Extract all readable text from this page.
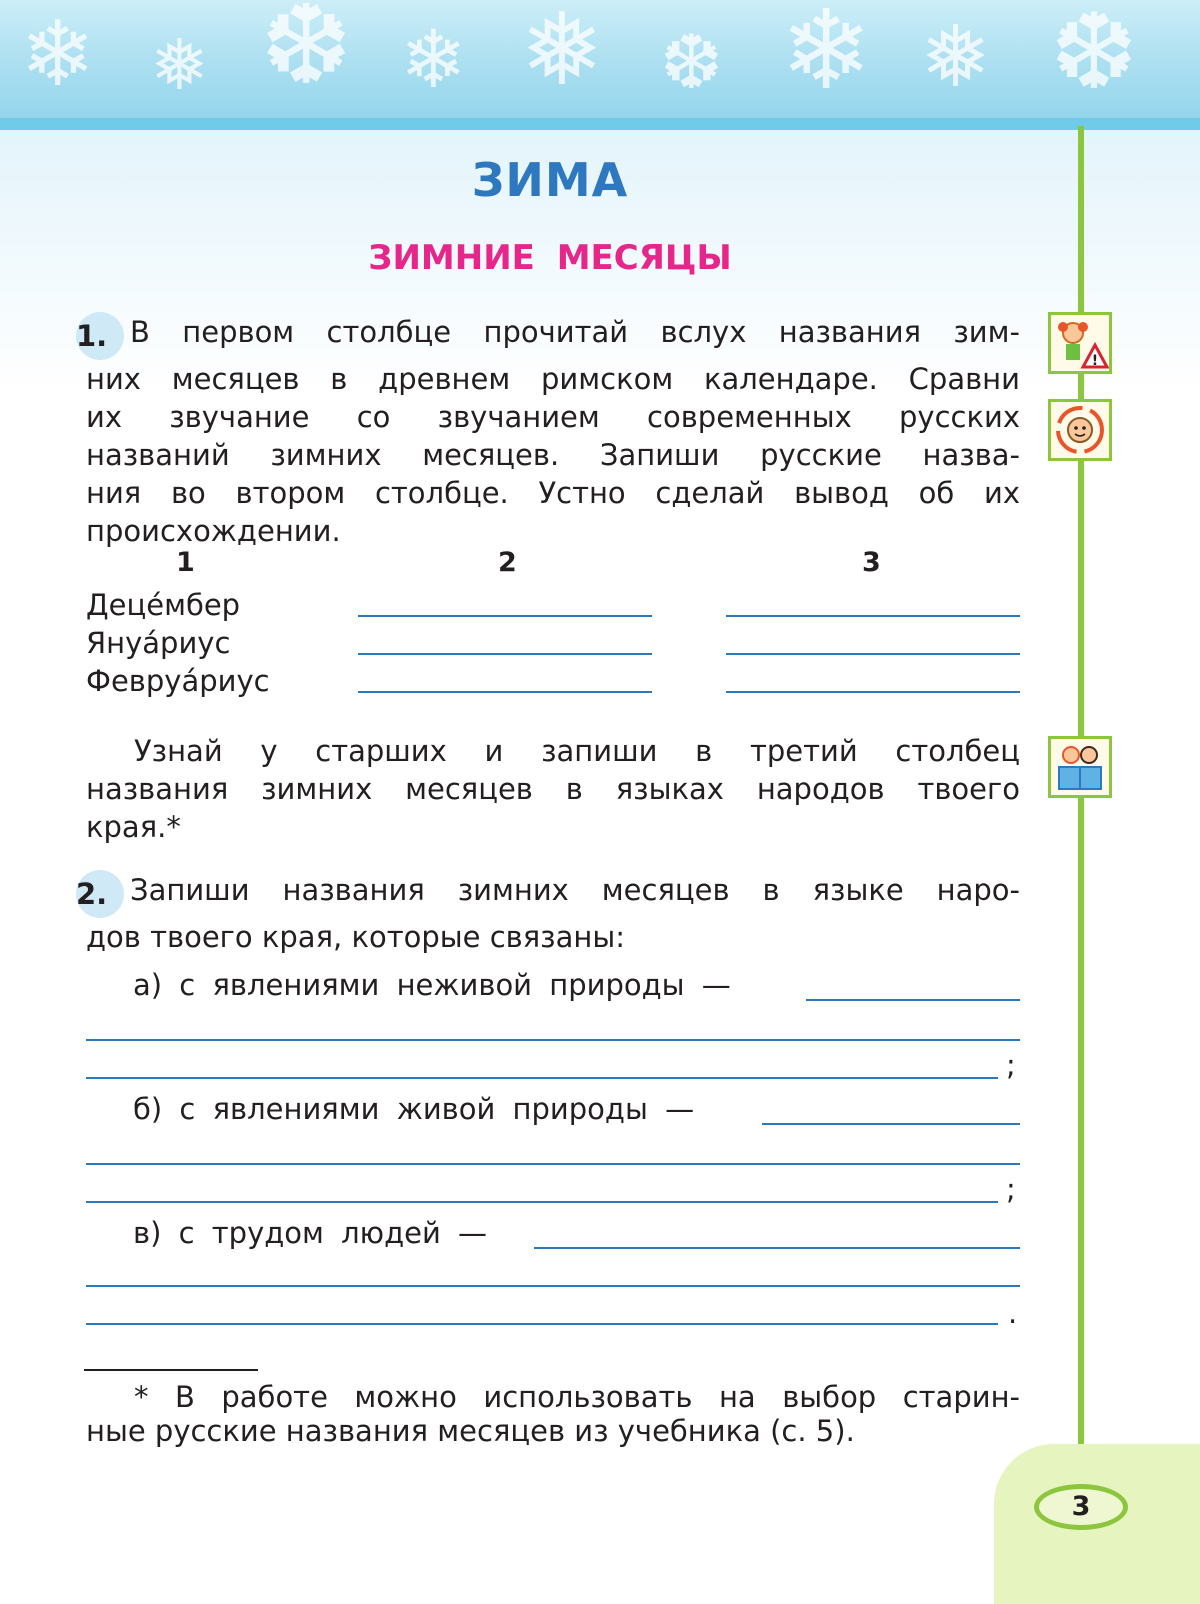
❄ ❅ ❆ ❄ ❅ ❆ ❄ ❅ ❆
3
ЗИМА
ЗИМНИЕ МЕСЯЦЫ
1. В первом столбце прочитай вслух названия зим-
них месяцев в древнем римском календаре. Сравни
их звучание со звучанием современных русских
названий зимних месяцев. Запиши русские назва-
ния во втором столбце. Устно сделай вывод об их
происхождении.
!
1	2	3
Децéмбер
Януáриус
Февруáриус
Узнай у старших и запиши в третий столбец
названия зимних месяцев в языках народов твоего
края.*
2. Запиши названия зимних месяцев в языке наро-
дов твоего края, которые связаны:
а) с явлениями неживой природы —
;
б) с явлениями живой природы —
;
в) с трудом людей —
.
* В работе можно использовать на выбор старин-
ные русские названия месяцев из учебника (с. 5).
